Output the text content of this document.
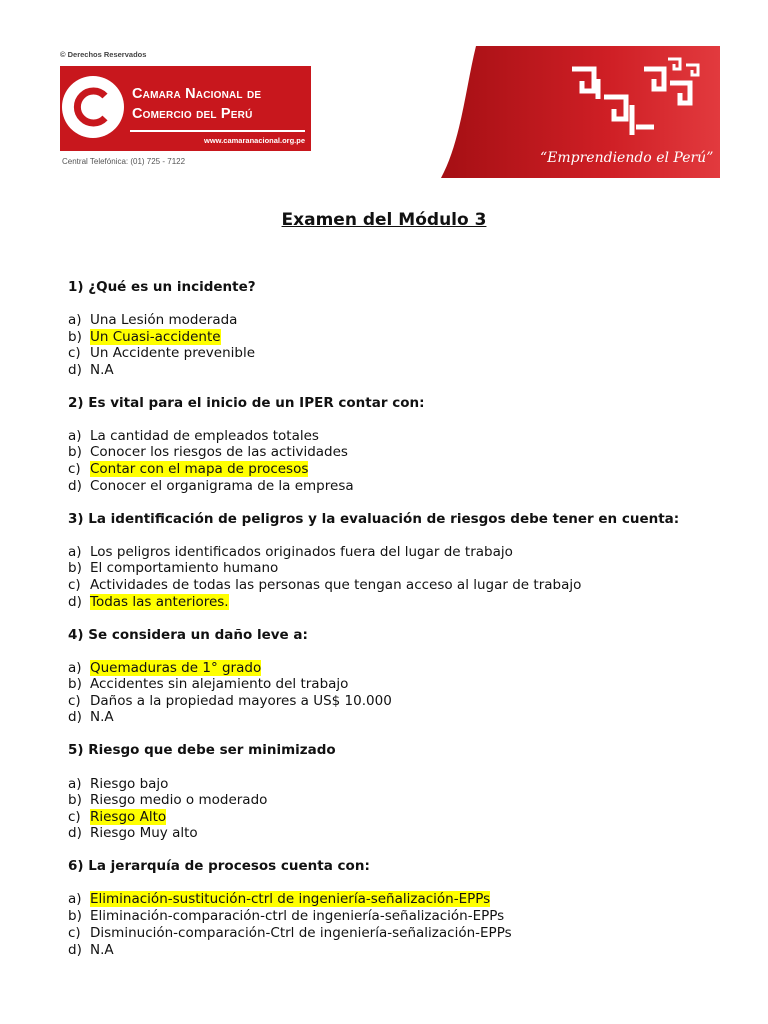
© Derechos Reservados
Camara Nacional de
Comercio del Perú
www.camaranacional.org.pe
Central Telefónica: (01) 725 - 7122	“Emprendiendo el Perú”
Examen del Módulo 3
1) ¿Qué es un incidente?
a) Una Lesión moderada
b) Un Cuasi-accidente
c) Un Accidente prevenible
d) N.A
2) Es vital para el inicio de un IPER contar con:
a) La cantidad de empleados totales
b) Conocer los riesgos de las actividades
c) Contar con el mapa de procesos
d) Conocer el organigrama de la empresa
3) La identificación de peligros y la evaluación de riesgos debe tener en cuenta:
a) Los peligros identificados originados fuera del lugar de trabajo
b) El comportamiento humano
c) Actividades de todas las personas que tengan acceso al lugar de trabajo
d) Todas las anteriores.
4) Se considera un daño leve a:
a) Quemaduras de 1° grado
b) Accidentes sin alejamiento del trabajo
c) Daños a la propiedad mayores a US$ 10.000
d) N.A
5) Riesgo que debe ser minimizado
a) Riesgo bajo
b) Riesgo medio o moderado
c) Riesgo Alto
d) Riesgo Muy alto
6) La jerarquía de procesos cuenta con:
a) Eliminación-sustitución-ctrl de ingeniería-señalización-EPPs
b) Eliminación-comparación-ctrl de ingeniería-señalización-EPPs
c) Disminución-comparación-Ctrl de ingeniería-señalización-EPPs
d) N.A
